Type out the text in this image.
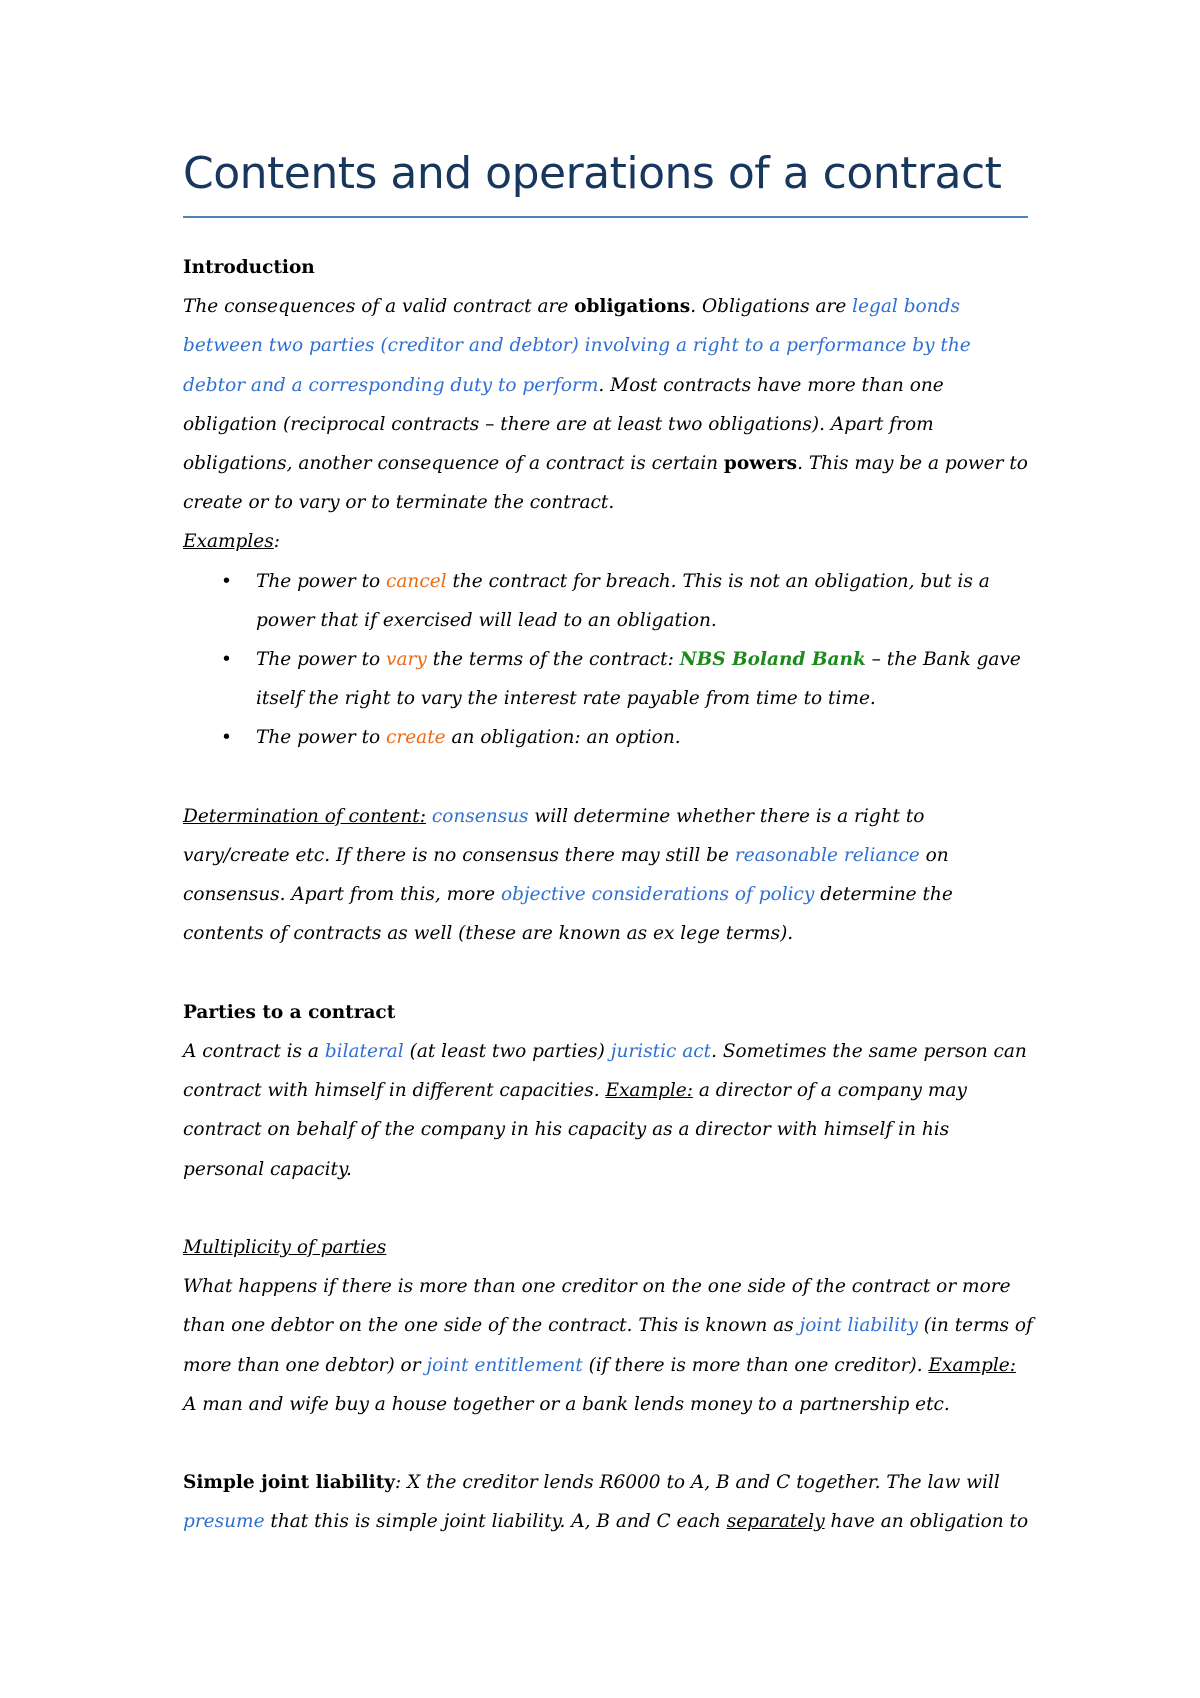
Contents and operations of a contract

Introduction

The consequences of a valid contract are obligations. Obligations are legal bonds between two parties (creditor and debtor) involving a right to a performance by the debtor and a corresponding duty to perform. Most contracts have more than one obligation (reciprocal contracts – there are at least two obligations). Apart from obligations, another consequence of a contract is certain powers. This may be a power to create or to vary or to terminate the contract.

Examples:

• The power to cancel the contract for breach. This is not an obligation, but is a power that if exercised will lead to an obligation.
• The power to vary the terms of the contract: NBS Boland Bank – the Bank gave itself the right to vary the interest rate payable from time to time.
• The power to create an obligation: an option.

Determination of content: consensus will determine whether there is a right to vary/create etc. If there is no consensus there may still be reasonable reliance on consensus. Apart from this, more objective considerations of policy determine the contents of contracts as well (these are known as ex lege terms).

Parties to a contract

A contract is a bilateral (at least two parties) juristic act. Sometimes the same person can contract with himself in different capacities. Example: a director of a company may contract on behalf of the company in his capacity as a director with himself in his personal capacity.

Multiplicity of parties

What happens if there is more than one creditor on the one side of the contract or more than one debtor on the one side of the contract. This is known as joint liability (in terms of more than one debtor) or joint entitlement (if there is more than one creditor). Example: A man and wife buy a house together or a bank lends money to a partnership etc.

Simple joint liability: X the creditor lends R6000 to A, B and C together. The law will presume that this is simple joint liability. A, B and C each separately have an obligation to
